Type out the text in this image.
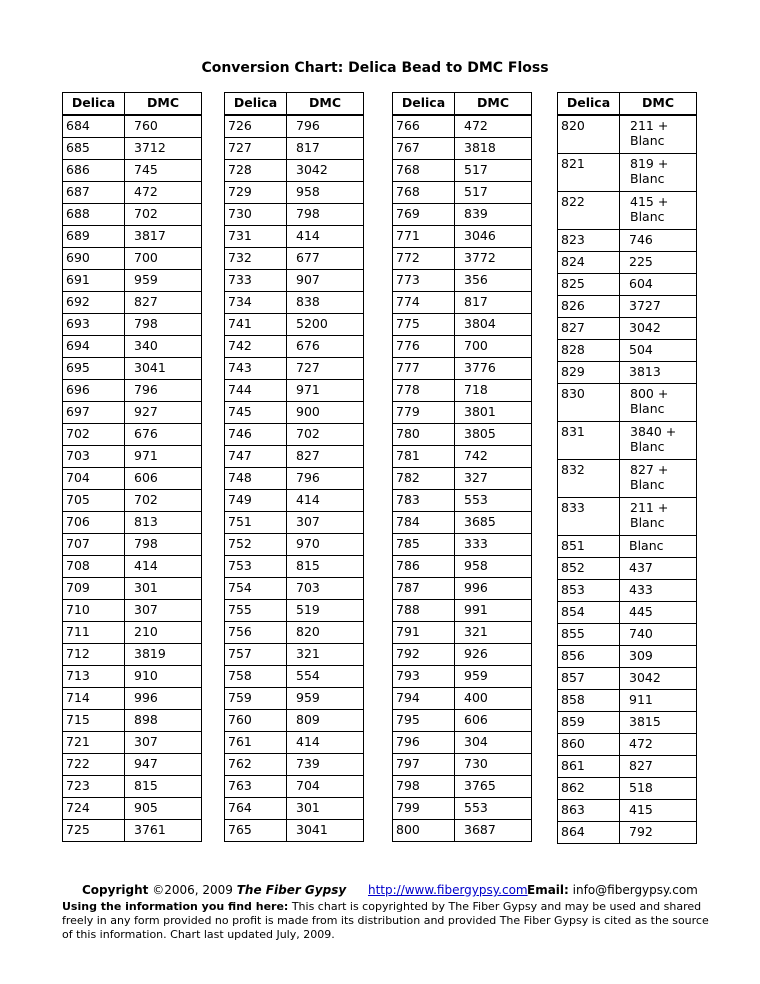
Conversion Chart: Delica Bead to DMC Floss
Delica	DMC
684	760
685	3712
686	745
687	472
688	702
689	3817
690	700
691	959
692	827
693	798
694	340
695	3041
696	796
697	927
702	676
703	971
704	606
705	702
706	813
707	798
708	414
709	301
710	307
711	210
712	3819
713	910
714	996
715	898
721	307
722	947
723	815
724	905
725	3761
Delica	DMC
726	796
727	817
728	3042
729	958
730	798
731	414
732	677
733	907
734	838
741	5200
742	676
743	727
744	971
745	900
746	702
747	827
748	796
749	414
751	307
752	970
753	815
754	703
755	519
756	820
757	321
758	554
759	959
760	809
761	414
762	739
763	704
764	301
765	3041
Delica	DMC
766	472
767	3818
768	517
768	517
769	839
771	3046
772	3772
773	356
774	817
775	3804
776	700
777	3776
778	718
779	3801
780	3805
781	742
782	327
783	553
784	3685
785	333
786	958
787	996
788	991
791	321
792	926
793	959
794	400
795	606
796	304
797	730
798	3765
799	553
800	3687
Delica	DMC
820	211 +
Blanc

821	819 +
Blanc

822	415 +
Blanc

823	746
824	225
825	604
826	3727
827	3042
828	504
829	3813
830	800 +
Blanc

831	3840 +
Blanc

832	827 +
Blanc

833	211 +
Blanc

851	Blanc
852	437
853	433
854	445
855	740
856	309
857	3042
858	911
859	3815
860	472
861	827
862	518
863	415
864	792
Copyright ©2006, 2009 The Fiber Gypsy http://www.fibergypsy.com Email: info@fibergypsy.com
Using the information you find here: This chart is copyrighted by The Fiber Gypsy and may be used and shared freely in any form provided no profit is made from its distribution and provided The Fiber Gypsy is cited as the source of this information. Chart last updated July, 2009.
